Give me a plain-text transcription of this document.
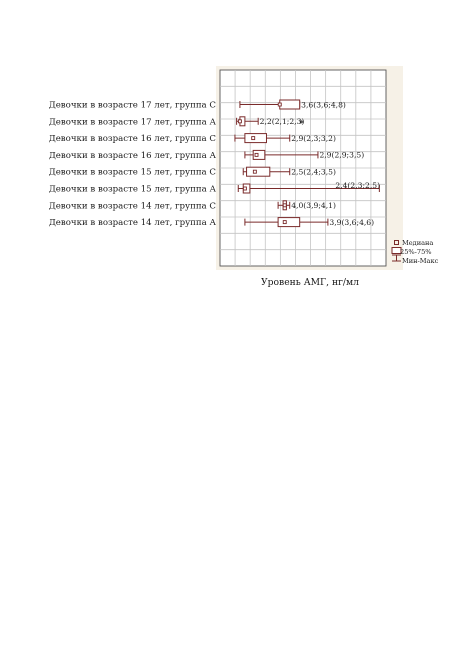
Девочки в возрасте 17 лет, группа С
Девочки в возрасте 17 лет, группа А
Девочки в возрасте 16 лет, группа С
Девочки в возрасте 16 лет, группа А
Девочки в возрасте 15 лет, группа С
Девочки в возрасте 15 лет, группа А
Девочки в возрасте 14 лет, группа С
Девочки в возрасте 14 лет, группа А
3,6(3,6;4,8)
2,2(2,1;2,3)
2,9(2,3;3,2)
2,9(2,9;3,5)
2,5(2,4;3,5)
2,4(2,3;2,5)
4,0(3,9;4,1)
3,9(3,6;4,6)
Медиана
25%-75%
Мин-Макс
Уровень АМГ, нг/мл
